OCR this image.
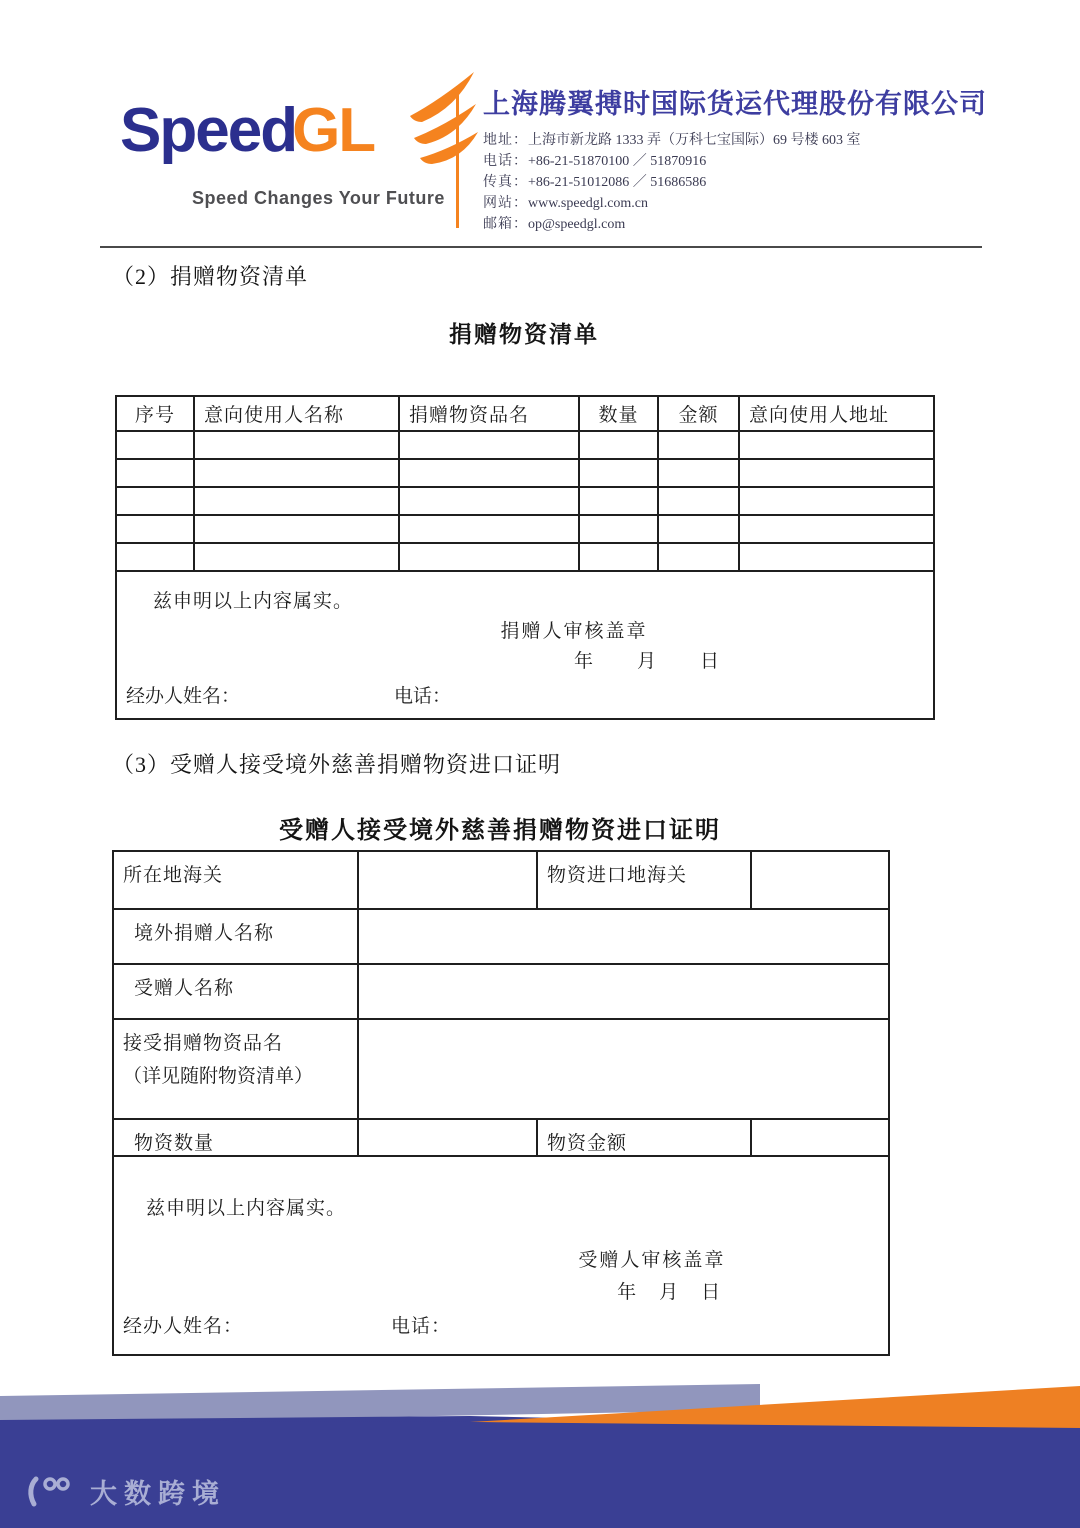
SpeedGL
Speed Changes Your Future
上海腾翼搏时国际货运代理股份有限公司
地址：上海市新龙路 1333 弄（万科七宝国际）69 号楼 603 室
电话：+86-21-51870100 ／ 51870916
传真：+86-21-51012086 ／ 51686586
网站：www.speedgl.com.cn
邮箱：op@speedgl.com
（2）捐赠物资清单
捐赠物资清单
序号	意向使用人名称	捐赠物资品名	数量	金额	意向使用人地址

兹申明以上内容属实。
捐赠人审核盖章
年　　月　　日
经办人姓名： 电话：					
（3）受赠人接受境外慈善捐赠物资进口证明
受赠人接受境外慈善捐赠物资进口证明
所在地海关		物资进口地海关	
境外捐赠人名称			
受赠人名称			
接受捐赠物资品名
（详见随附物资清单）			

物资数量		物资金额	

兹申明以上内容属实。
受赠人审核盖章
年　月　日
经办人姓名： 电话：			
大数跨境
